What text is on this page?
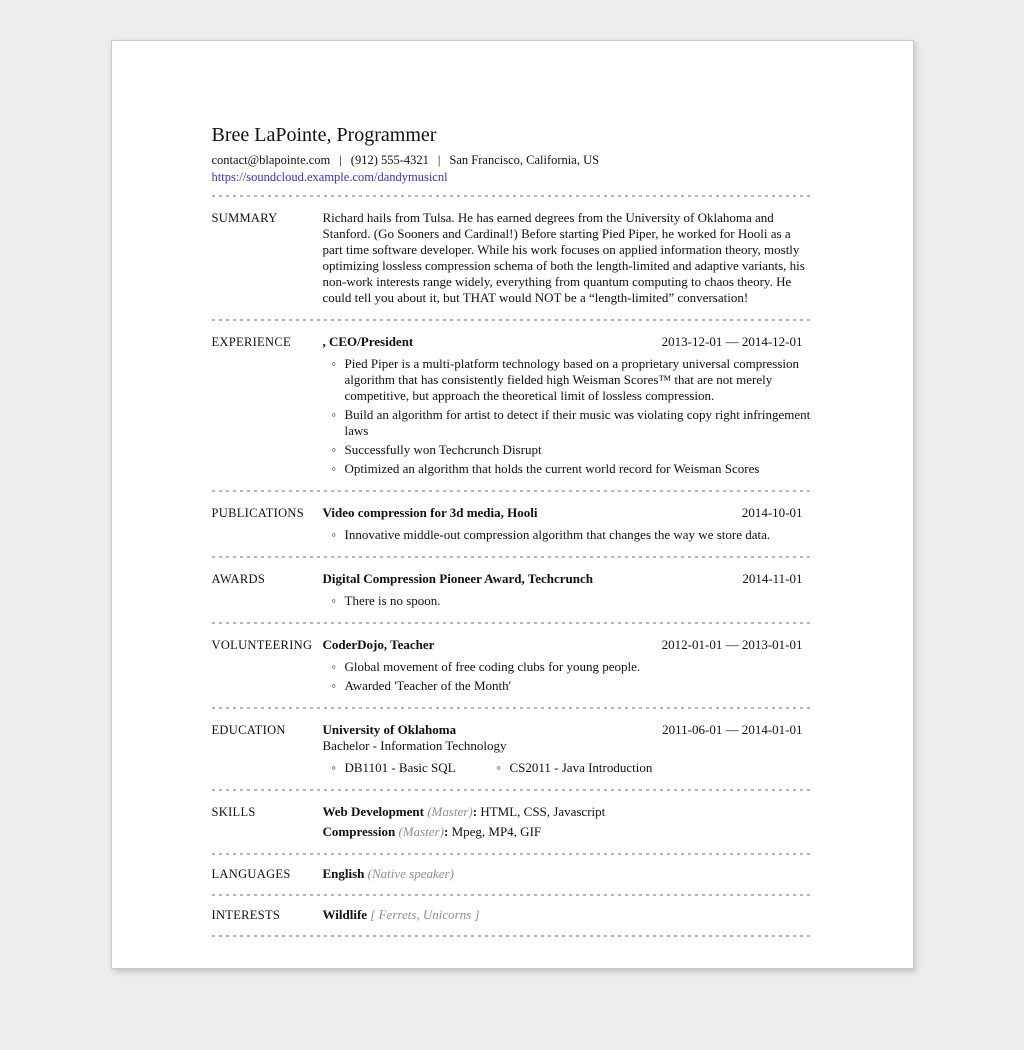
Bree LaPointe, Programmer
contact@blapointe.com | (912) 555-4321 | San Francisco, California, US
https://soundcloud.example.com/dandymusicnl
SUMMARY	Richard hails from Tulsa. He has earned degrees from the University of Oklahoma and Stanford. (Go Sooners and Cardinal!) Before starting Pied Piper, he worked for Hooli as a part time software developer. While his work focuses on applied information theory, mostly optimizing lossless compression schema of both the length-limited and adaptive variants, his non-work interests range widely, everything from quantum computing to chaos theory. He could tell you about it, but THAT would NOT be a “length-limited” conversation!
EXPERIENCE	, CEO/President	2013-12-01 — 2014-12-01
◦ Pied Piper is a multi-platform technology based on a proprietary universal compression algorithm that has consistently fielded high Weisman Scores™ that are not merely competitive, but approach the theoretical limit of lossless compression.
◦ Build an algorithm for artist to detect if their music was violating copy right infringement laws
◦ Successfully won Techcrunch Disrupt
◦ Optimized an algorithm that holds the current world record for Weisman Scores
PUBLICATIONS	Video compression for 3d media, Hooli	2014-10-01
◦ Innovative middle-out compression algorithm that changes the way we store data.
AWARDS	Digital Compression Pioneer Award, Techcrunch	2014-11-01
◦ There is no spoon.
VOLUNTEERING CoderDojo, Teacher	2012-01-01 — 2013-01-01
◦ Global movement of free coding clubs for young people.
◦ Awarded 'Teacher of the Month'
EDUCATION	University of Oklahoma	2011-06-01 — 2014-01-01
Bachelor - Information Technology
◦ DB1101 - Basic SQL	◦ CS2011 - Java Introduction
SKILLS	Web Development (Master): HTML, CSS, Javascript
Compression (Master): Mpeg, MP4, GIF
LANGUAGES	English (Native speaker)
INTERESTS	Wildlife [ Ferrets, Unicorns ]
